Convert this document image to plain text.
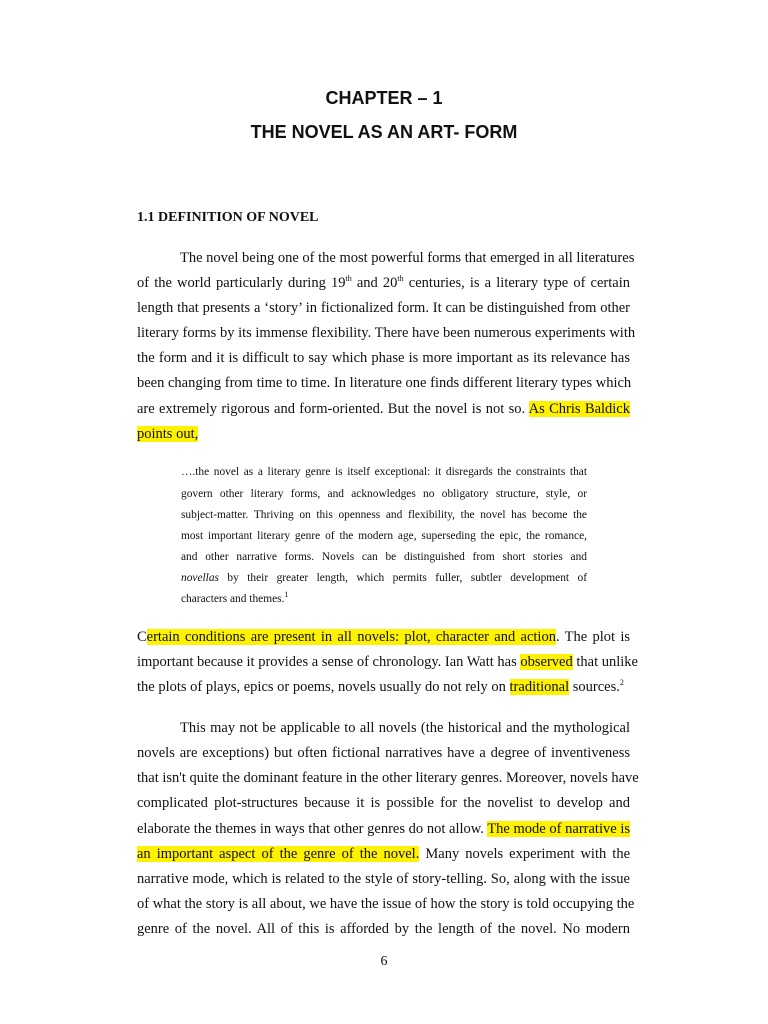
CHAPTER – 1
THE NOVEL AS AN ART- FORM
1.1 DEFINITION OF NOVEL
The novel being one of the most powerful forms that emerged in all literatures
of the world particularly during 19th and 20th centuries, is a literary type of certain
length that presents a ‘story’ in fictionalized form. It can be distinguished from other
literary forms by its immense flexibility. There have been numerous experiments with
the form and it is difficult to say which phase is more important as its relevance has
been changing from time to time. In literature one finds different literary types which
are extremely rigorous and form-oriented. But the novel is not so. As Chris Baldick
points out,
….the novel as a literary genre is itself exceptional: it disregards the constraints that
govern other literary forms, and acknowledges no obligatory structure, style, or
subject-matter. Thriving on this openness and flexibility, the novel has become the
most important literary genre of the modern age, superseding the epic, the romance,
and other narrative forms. Novels can be distinguished from short stories and
novellas by their greater length, which permits fuller, subtler development of
characters and themes.$^1$
Certain conditions are present in all novels: plot, character and action. The plot is
important because it provides a sense of chronology. Ian Watt has observed that unlike
the plots of plays, epics or poems, novels usually do not rely on traditional sources.$^2$
This may not be applicable to all novels (the historical and the mythological
novels are exceptions) but often fictional narratives have a degree of inventiveness
that isn't quite the dominant feature in the other literary genres. Moreover, novels have
complicated plot-structures because it is possible for the novelist to develop and
elaborate the themes in ways that other genres do not allow. The mode of narrative is
an important aspect of the genre of the novel. Many novels experiment with the
narrative mode, which is related to the style of story-telling. So, along with the issue
of what the story is all about, we have the issue of how the story is told occupying the
genre of the novel. All of this is afforded by the length of the novel. No modern
6
